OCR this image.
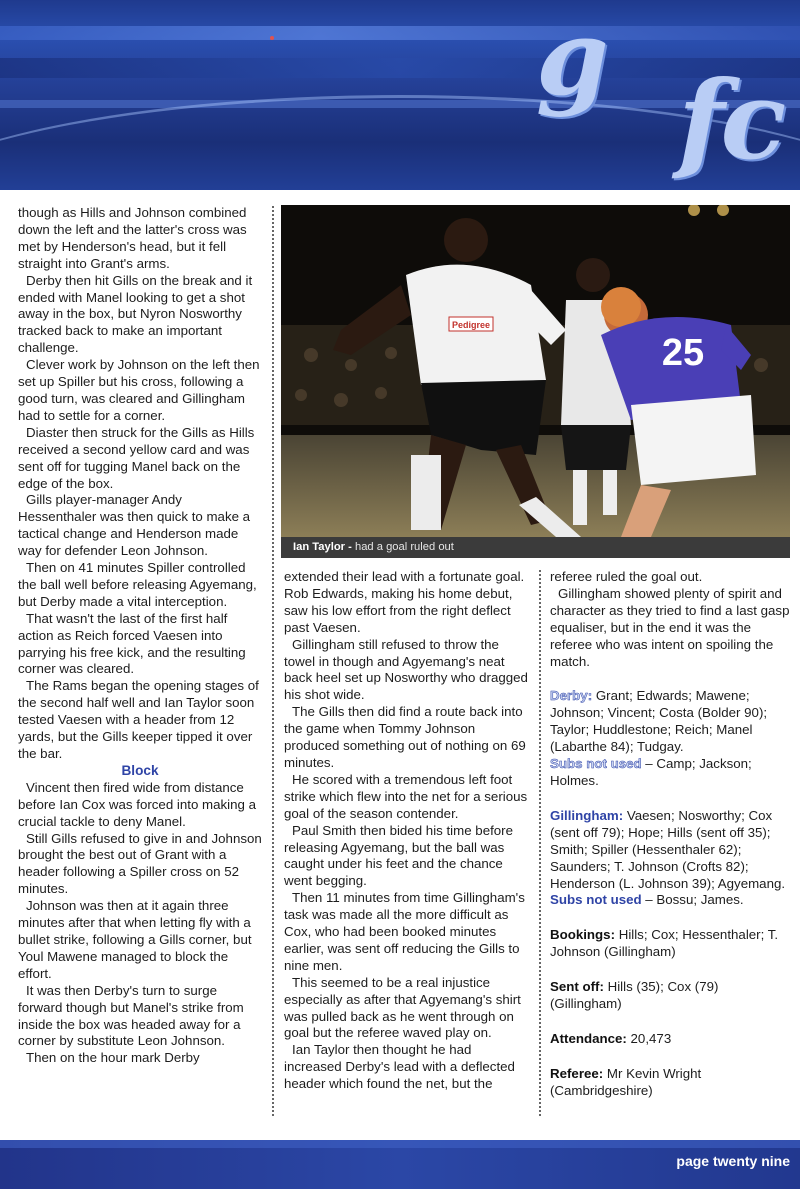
g
fc

though as Hills and Johnson combined down the left and the latter's cross was met by Henderson's head, but it fell straight into Grant's arms.

Derby then hit Gills on the break and it ended with Manel looking to get a shot away in the box, but Nyron Nosworthy tracked back to make an important challenge.

Clever work by Johnson on the left then set up Spiller but his cross, following a good turn, was cleared and Gillingham had to settle for a corner.

Diaster then struck for the Gills as Hills received a second yellow card and was sent off for tugging Manel back on the edge of the box.

Gills player-manager Andy Hessenthaler was then quick to make a tactical change and Henderson made way for defender Leon Johnson.

Then on 41 minutes Spiller controlled the ball well before releasing Agyemang, but Derby made a vital interception.

That wasn't the last of the first half action as Reich forced Vaesen into parrying his free kick, and the resulting corner was cleared.

The Rams began the opening stages of the second half well and Ian Taylor soon tested Vaesen with a header from 12 yards, but the Gills keeper tipped it over the bar.

Block

Vincent then fired wide from distance before Ian Cox was forced into making a crucial tackle to deny Manel.

Still Gills refused to give in and Johnson brought the best out of Grant with a header following a Spiller cross on 52 minutes.

Johnson was then at it again three minutes after that when letting fly with a bullet strike, following a Gills corner, but Youl Mawene managed to block the effort.

It was then Derby's turn to surge forward though but Manel's strike from inside the box was headed away for a corner by substitute Leon Johnson.

Then on the hour mark Derby

Pedigree
25
Ian Taylor - had a goal ruled out

extended their lead with a fortunate goal. Rob Edwards, making his home debut, saw his low effort from the right deflect past Vaesen.

Gillingham still refused to throw the towel in though and Agyemang's neat back heel set up Nosworthy who dragged his shot wide.

The Gills then did find a route back into the game when Tommy Johnson produced something out of nothing on 69 minutes.

He scored with a tremendous left foot strike which flew into the net for a serious goal of the season contender.

Paul Smith then bided his time before releasing Agyemang, but the ball was caught under his feet and the chance went begging.

Then 11 minutes from time Gillingham's task was made all the more difficult as Cox, who had been booked minutes earlier, was sent off reducing the Gills to nine men.

This seemed to be a real injustice especially as after that Agyemang's shirt was pulled back as he went through on goal but the referee waved play on.

Ian Taylor then thought he had increased Derby's lead with a deflected header which found the net, but the

referee ruled the goal out.

Gillingham showed plenty of spirit and character as they tried to find a last gasp equaliser, but in the end it was the referee who was intent on spoiling the match.

Derby: Grant; Edwards; Mawene; Johnson; Vincent; Costa (Bolder 90); Taylor; Huddlestone; Reich; Manel (Labarthe 84); Tudgay.
Subs not used – Camp; Jackson; Holmes.

Gillingham: Vaesen; Nosworthy; Cox (sent off 79); Hope; Hills (sent off 35); Smith; Spiller (Hessenthaler 62); Saunders; T. Johnson (Crofts 82); Henderson (L. Johnson 39); Agyemang.
Subs not used – Bossu; James.

Bookings: Hills; Cox; Hessenthaler; T. Johnson (Gillingham)

Sent off: Hills (35); Cox (79) (Gillingham)

Attendance: 20,473

Referee: Mr Kevin Wright (Cambridgeshire)

page twenty nine
